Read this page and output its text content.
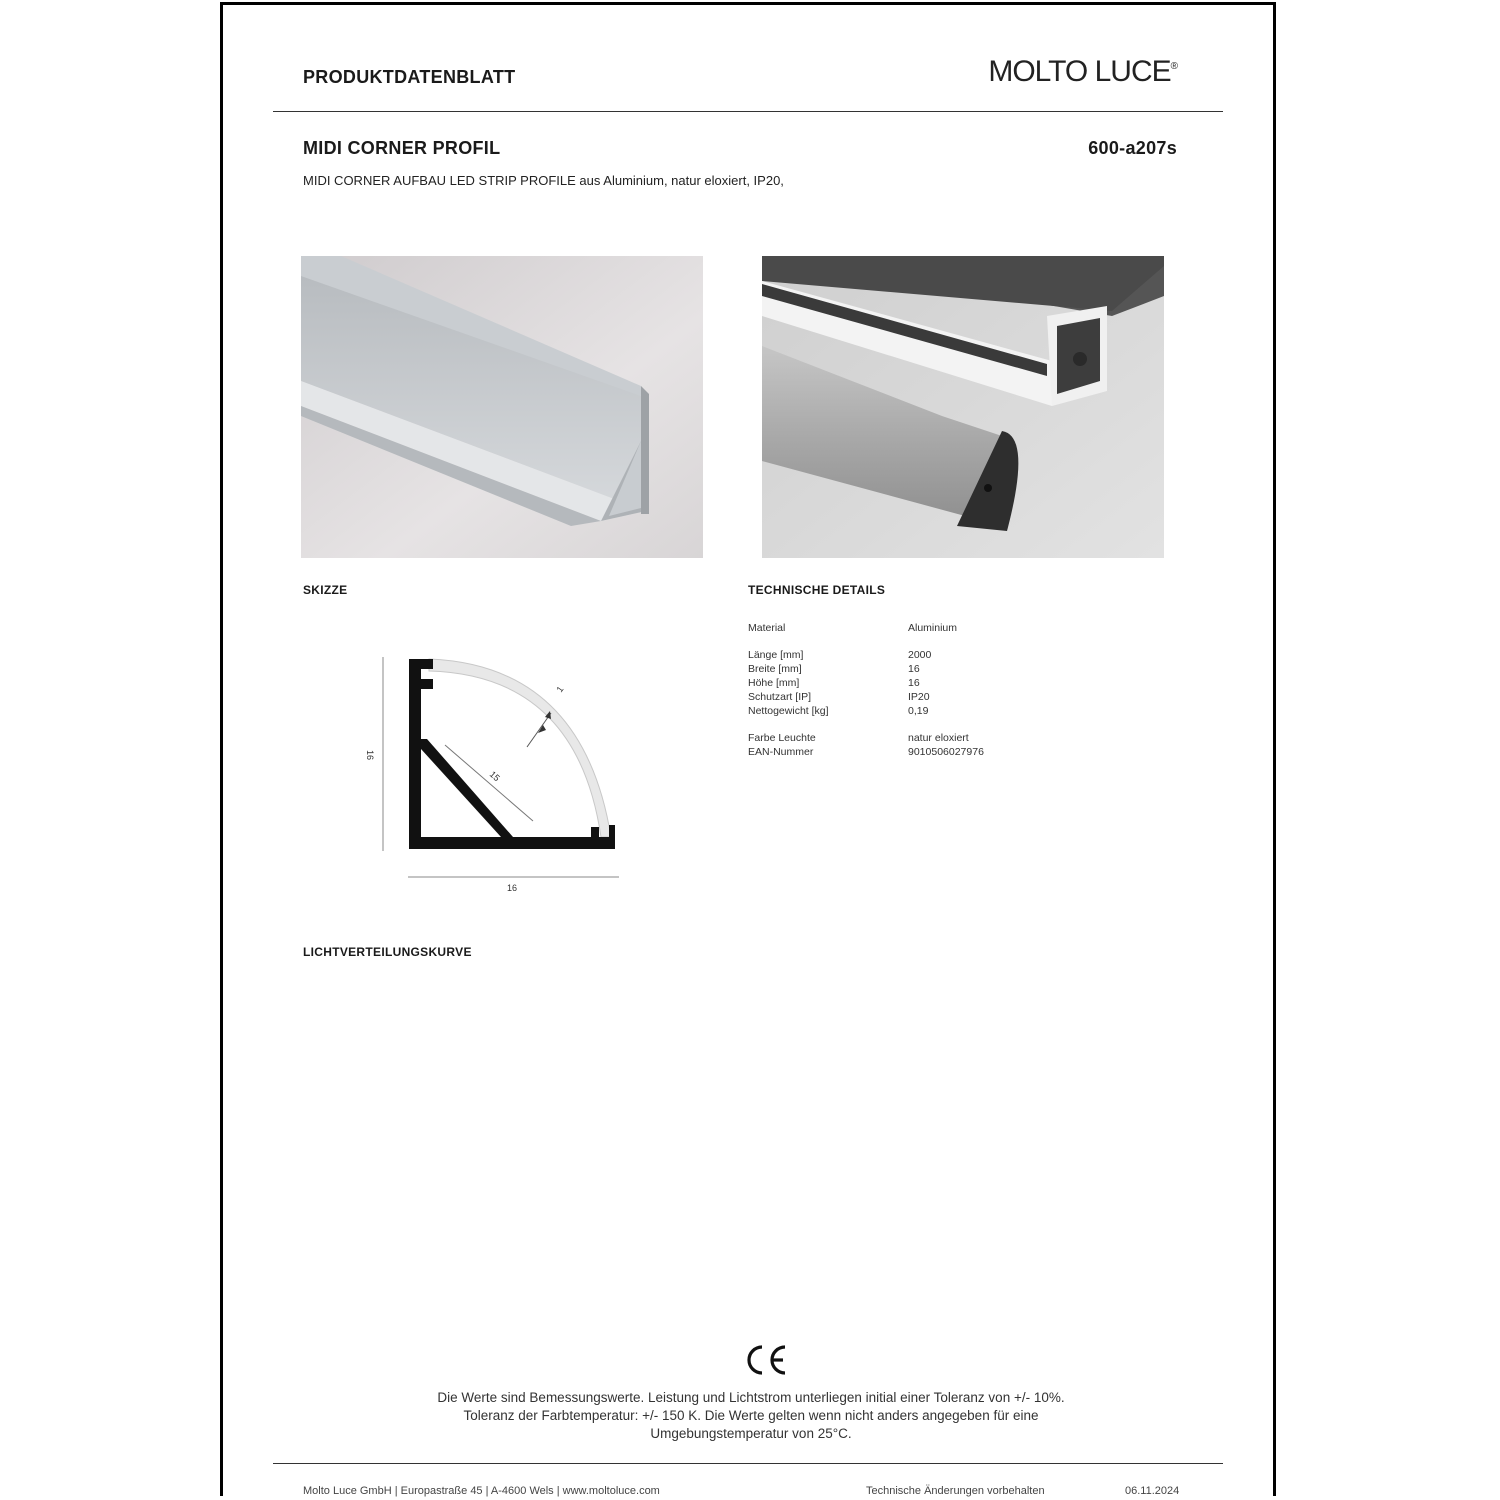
PRODUKTDATENBLATT	MOLTO LUCE®
MIDI CORNER PROFIL	600-a207s
MIDI CORNER AUFBAU LED STRIP PROFILE aus Aluminium, natur eloxiert, IP20,
SKIZZE	TECHNISCHE DETAILS
16
16
15
1
Material	Aluminium
Länge [mm]	2000
Breite [mm]	16
Höhe [mm]	16
Schutzart [IP]	IP20
Nettogewicht [kg]	0,19
Farbe Leuchte	natur eloxiert
EAN-Nummer	9010506027976
LICHTVERTEILUNGSKURVE
Die Werte sind Bemessungswerte. Leistung und Lichtstrom unterliegen initial einer Toleranz von +/- 10%.
Toleranz der Farbtemperatur: +/- 150 K. Die Werte gelten wenn nicht anders angegeben für eine
Umgebungstemperatur von 25°C.
Molto Luce GmbH | Europastraße 45 | A-4600 Wels | www.moltoluce.com	Technische Änderungen vorbehalten	06.11.2024
